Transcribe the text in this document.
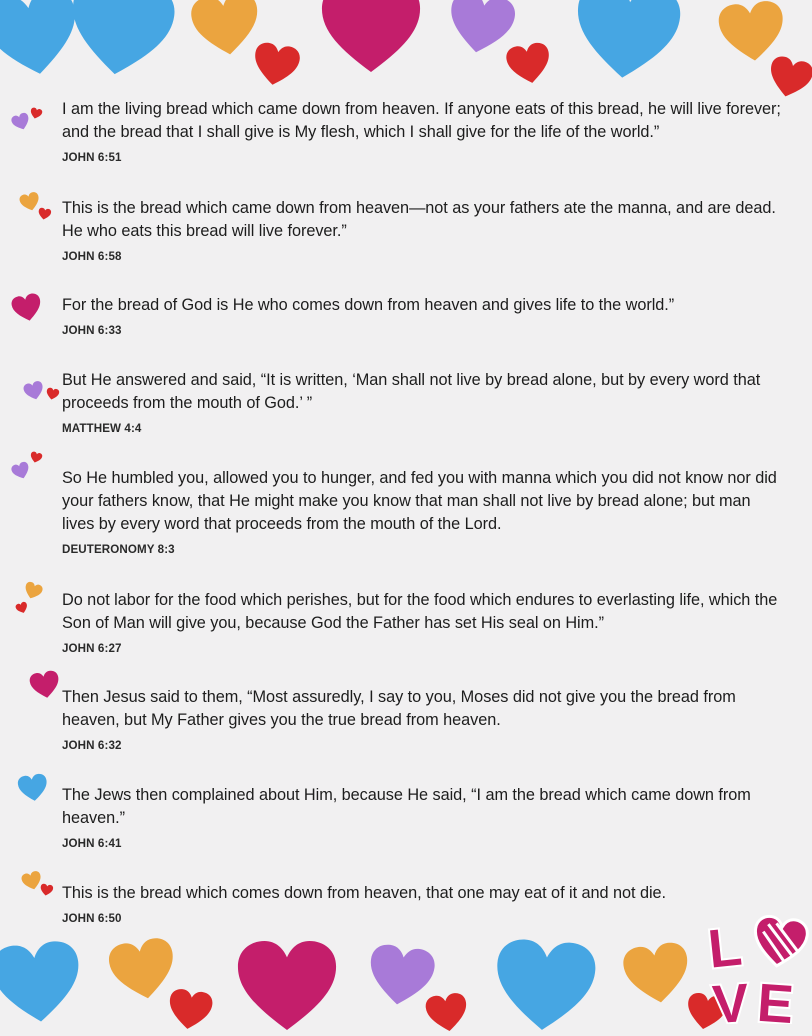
I am the living bread which came down from heaven. If anyone eats of this bread, he will live forever; and the bread that I shall give is My flesh, which I shall give for the life of the world.”
JOHN 6:51
This is the bread which came down from heaven—not as your fathers ate the manna, and are dead. He who eats this bread will live forever.”
JOHN 6:58
For the bread of God is He who comes down from heaven and gives life to the world.”
JOHN 6:33
But He answered and said, “It is written, ‘Man shall not live by bread alone, but by every word that proceeds from the mouth of God.’ ”
MATTHEW 4:4
So He humbled you, allowed you to hunger, and fed you with manna which you did not know nor did your fathers know, that He might make you know that man shall not live by bread alone; but man lives by every word that proceeds from the mouth of the Lord.
DEUTERONOMY 8:3
Do not labor for the food which perishes, but for the food which endures to everlasting life, which the Son of Man will give you, because God the Father has set His seal on Him.”
JOHN 6:27
Then Jesus said to them, “Most assuredly, I say to you, Moses did not give you the bread from heaven, but My Father gives you the true bread from heaven.
JOHN 6:32
The Jews then complained about Him, because He said, “I am the bread which came down from heaven.”
JOHN 6:41
This is the bread which comes down from heaven, that one may eat of it and not die.
JOHN 6:50	L
E
V
